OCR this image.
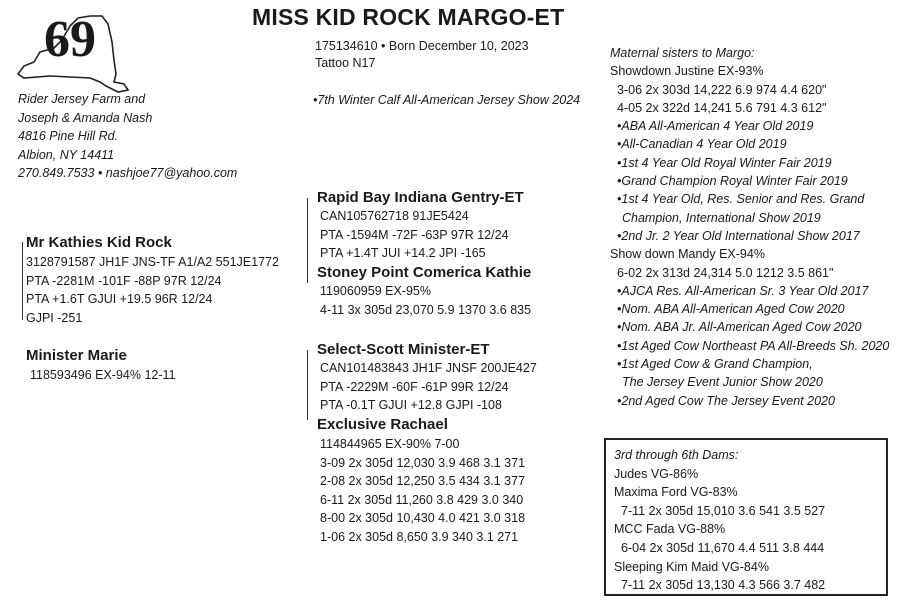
MISS KID ROCK MARGO-ET
69
Rider Jersey Farm and
Joseph & Amanda Nash
4816 Pine Hill Rd.
Albion, NY 14411
270.849.7533 • nashjoe77@yahoo.com
175134610 • Born December 10, 2023
Tattoo N17
•7th Winter Calf All-American Jersey Show 2024
Mr Kathies Kid Rock
3128791587 JH1F JNS-TF A1/A2 551JE1772
PTA -2281M -101F -88P 97R 12/24
PTA +1.6T GJUI +19.5 96R 12/24
GJPI -251
Minister Marie
118593496 EX-94% 12-11
Rapid Bay Indiana Gentry-ET
CAN105762718 91JE5424
PTA -1594M -72F -63P 97R 12/24
PTA +1.4T JUI +14.2 JPI -165
Stoney Point Comerica Kathie
119060959 EX-95%
4-11 3x 305d 23,070 5.9 1370 3.6 835
Select-Scott Minister-ET
CAN101483843 JH1F JNSF 200JE427
PTA -2229M -60F -61P 99R 12/24
PTA -0.1T GJUI +12.8 GJPI -108
Exclusive Rachael
114844965 EX-90% 7-00
3-09 2x 305d 12,030 3.9 468 3.1 371
2-08 2x 305d 12,250 3.5 434 3.1 377
6-11 2x 305d 11,260 3.8 429 3.0 340
8-00 2x 305d 10,430 4.0 421 3.0 318
1-06 2x 305d 8,650 3.9 340 3.1 271
Maternal sisters to Margo:
Showdown Justine EX-93%
3-06 2x 303d 14,222 6.9 974 4.4 620"
4-05 2x 322d 14,241 5.6 791 4.3 612"
•ABA All-American 4 Year Old 2019
•All-Canadian 4 Year Old 2019
•1st 4 Year Old Royal Winter Fair 2019
•Grand Champion Royal Winter Fair 2019
•1st 4 Year Old, Res. Senior and Res. Grand
Champion, International Show 2019
•2nd Jr. 2 Year Old International Show 2017
Show down Mandy EX-94%
6-02 2x 313d 24,314 5.0 1212 3.5 861"
•AJCA Res. All-American Sr. 3 Year Old 2017
•Nom. ABA All-American Aged Cow 2020
•Nom. ABA Jr. All-American Aged Cow 2020
•1st Aged Cow Northeast PA All-Breeds Sh. 2020
•1st Aged Cow & Grand Champion,
The Jersey Event Junior Show 2020
•2nd Aged Cow The Jersey Event 2020
3rd through 6th Dams:
Judes VG-86%
Maxima Ford VG-83%
7-11 2x 305d 15,010 3.6 541 3.5 527
MCC Fada VG-88%
6-04 2x 305d 11,670 4.4 511 3.8 444
Sleeping Kim Maid VG-84%
7-11 2x 305d 13,130 4.3 566 3.7 482
